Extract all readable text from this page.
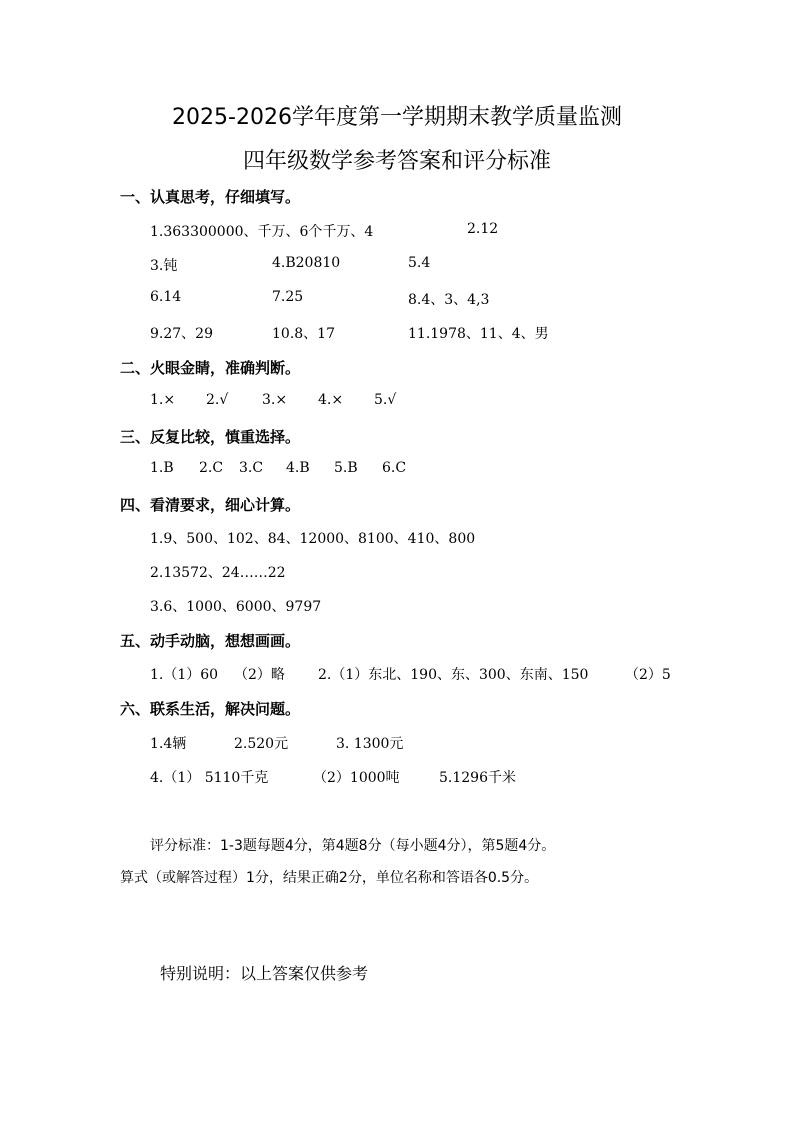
2025-2026学年度第一学期期末教学质量监测
四年级数学参考答案和评分标准
一、认真思考，仔细填写。
1.363300000、千万、6个千万、4	2.12
3.钝	4.B20810	5.4
6.14	7.25	8.4、3、4,3
9.27、29	10.8、17	11.1978、11、4、男
二、火眼金睛，准确判断。
1.× 2.√ 3.× 4.× 5.√
三、反复比较，慎重选择。
1.B 2.C 3.C 4.B 5.B 6.C
四、看清要求，细心计算。
1.9、500、102、84、12000、8100、410、800
2.13572、24……22
3.6、1000、6000、9797
五、动手动脑，想想画画。
1.（1）60 （2）略 2.（1）东北、190、东、300、东南、150	（2）5
六、联系生活，解决问题。
1.4辆	2.520元	3. 1300元
4.（1） 5110千克	（2）1000吨	5.1296千米
评分标准：1-3题每题4分，第4题8分（每小题4分），第5题4分。
算式（或解答过程）1分，结果正确2分，单位名称和答语各0.5分。
特别说明：以上答案仅供参考
